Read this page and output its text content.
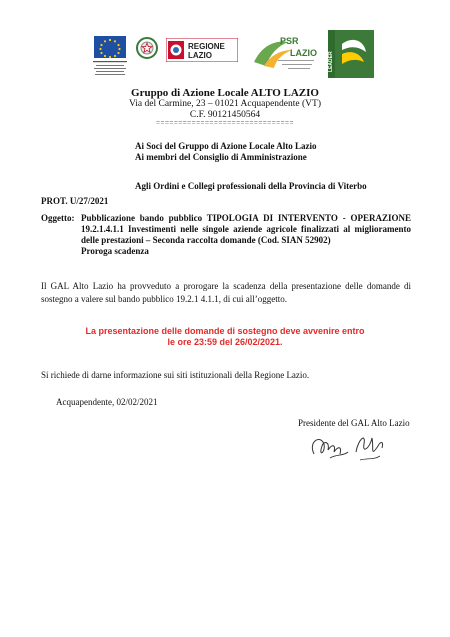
REGIONE
LAZIO
PSR
LAZIO LEADER
Gruppo di Azione Locale ALTO LAZIO
Via del Carmine, 23 – 01021 Acquapendente (VT)
C.F. 90121450564
===============================
Ai Soci del Gruppo di Azione Locale Alto Lazio
Ai membri del Consiglio di Amministrazione
Agli Ordini e Collegi professionali della Provincia di Viterbo
PROT. U/27/2021
Oggetto: Pubblicazione bando pubblico TIPOLOGIA DI INTERVENTO - OPERAZIONE 19.2.1.4.1.1 Investimenti nelle singole aziende agricole finalizzati al miglioramento delle prestazioni – Seconda raccolta domande (Cod. SIAN 52902)
Proroga scadenza
Il GAL Alto Lazio ha provveduto a prorogare la scadenza della presentazione delle domande di sostegno a valere sul bando pubblico 19.2.1 4.1.1, di cui all’oggetto.
La presentazione delle domande di sostegno deve avvenire entro
le ore 23:59 del 26/02/2021.
Si richiede di darne informazione sui siti istituzionali della Regione Lazio.
Acquapendente, 02/02/2021
Presidente del GAL Alto Lazio
